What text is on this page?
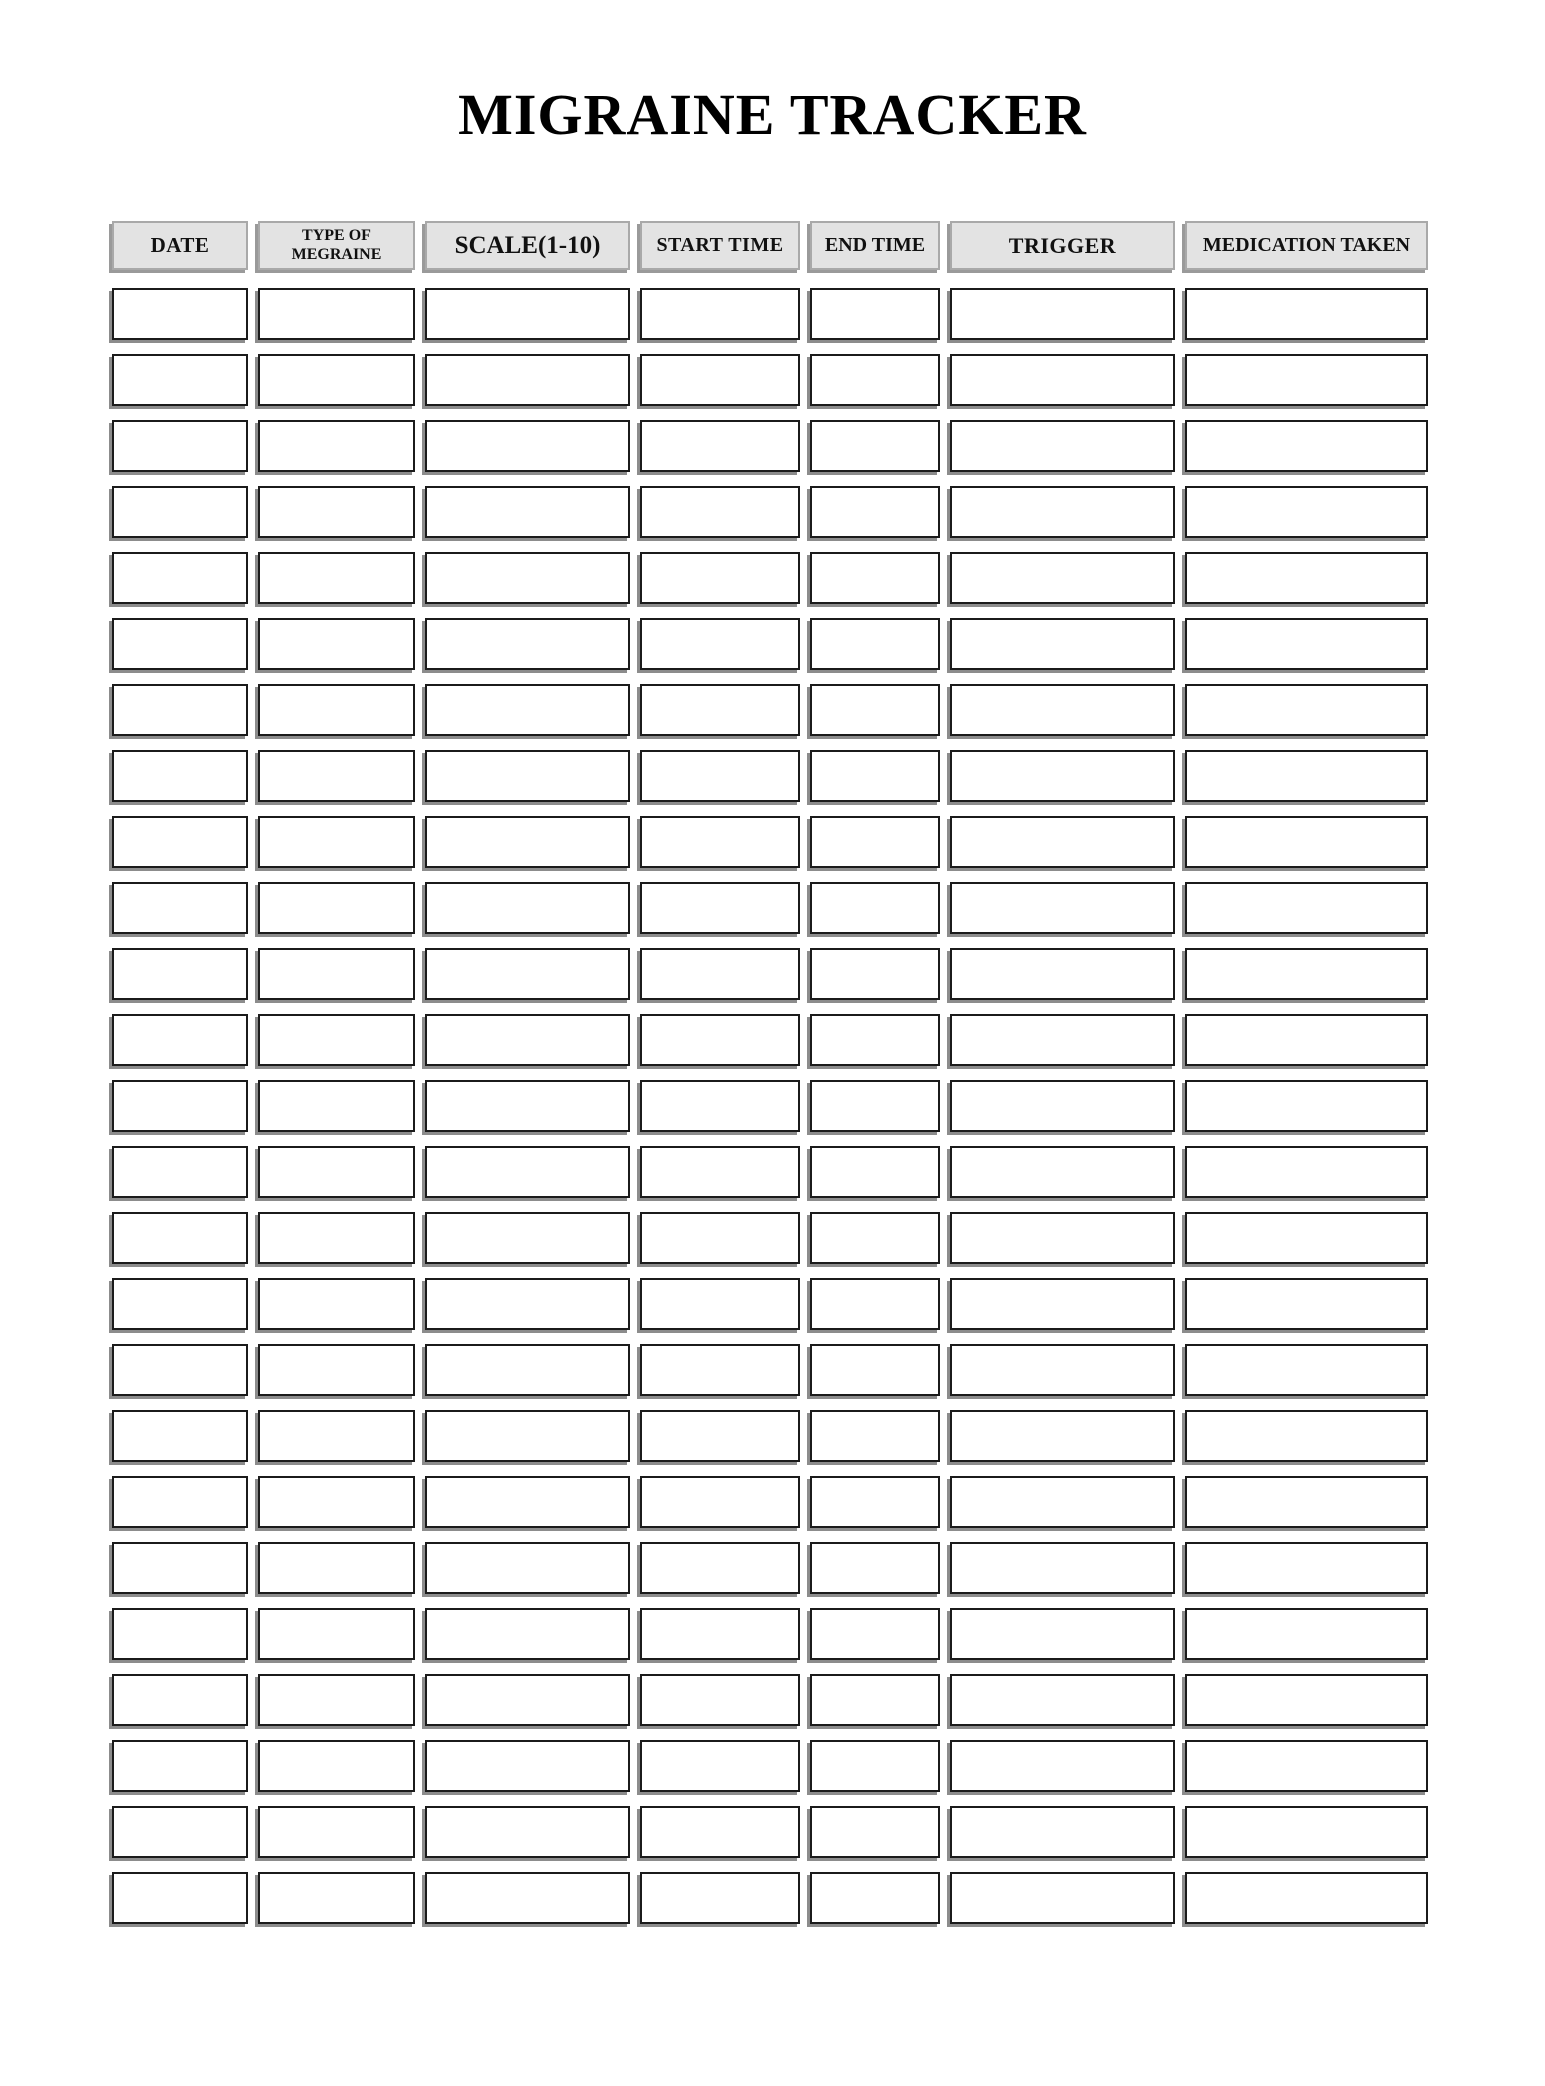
MIGRAINE TRACKER
DATE	TYPE OF MEGRAINE	SCALE(1-10)	START TIME	END TIME	TRIGGER	MEDICATION TAKEN
